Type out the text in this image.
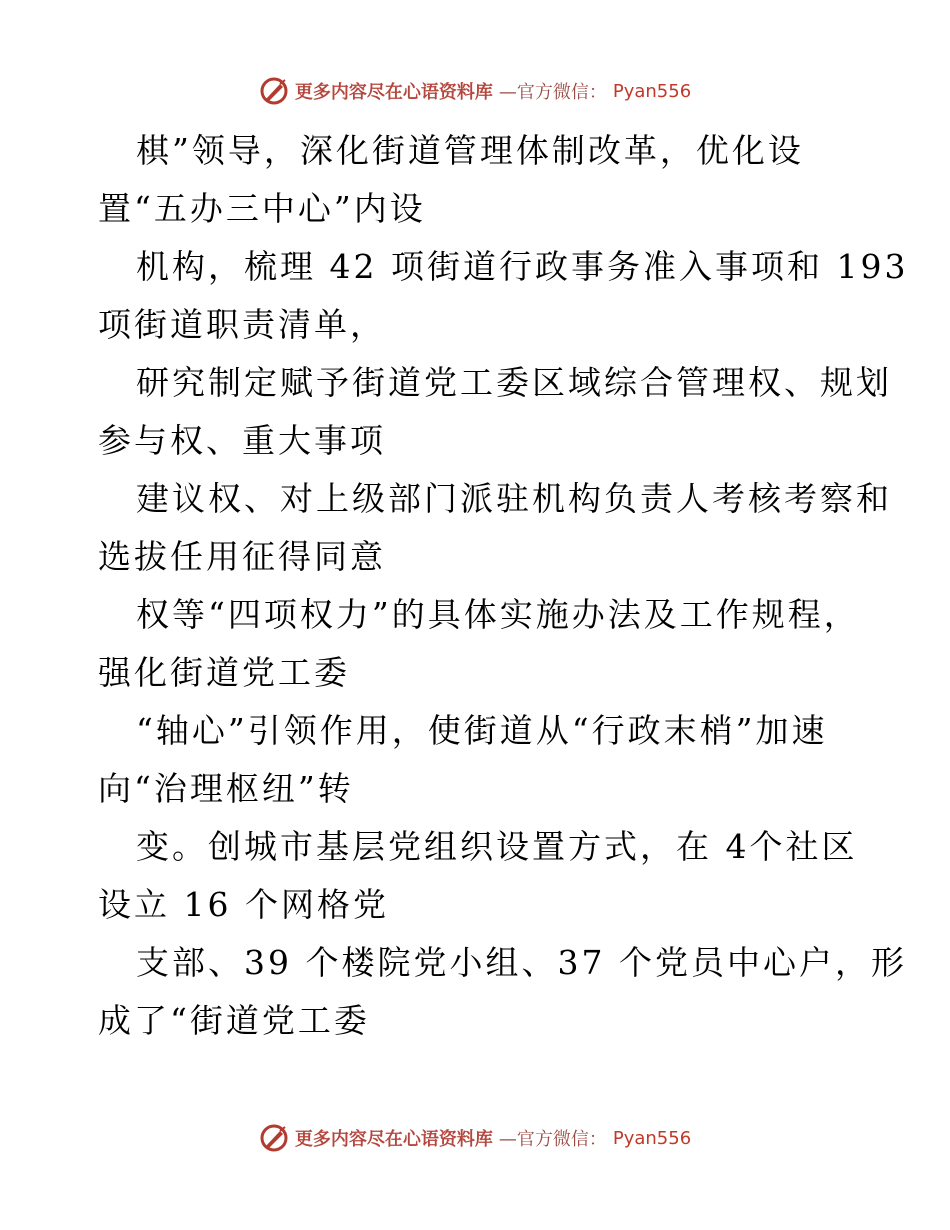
更多内容尽在心语资料库 —官方微信： Pyan556
棋”领导，深化街道管理体制改革，优化设
置“五办三中心”内设
机构，梳理 42 项街道行政事务准入事项和 193
项街道职责清单，
研究制定赋予街道党工委区域综合管理权、规划
参与权、重大事项
建议权、对上级部门派驻机构负责人考核考察和
选拔任用征得同意
权等“四项权力”的具体实施办法及工作规程，
强化街道党工委
“轴心”引领作用，使街道从“行政末梢”加速
向“治理枢纽”转
变。创城市基层党组织设置方式，在 4个社区
设立 16 个网格党
支部、39 个楼院党小组、37 个党员中心户，形
成了“街道党工委
更多内容尽在心语资料库 —官方微信： Pyan556
